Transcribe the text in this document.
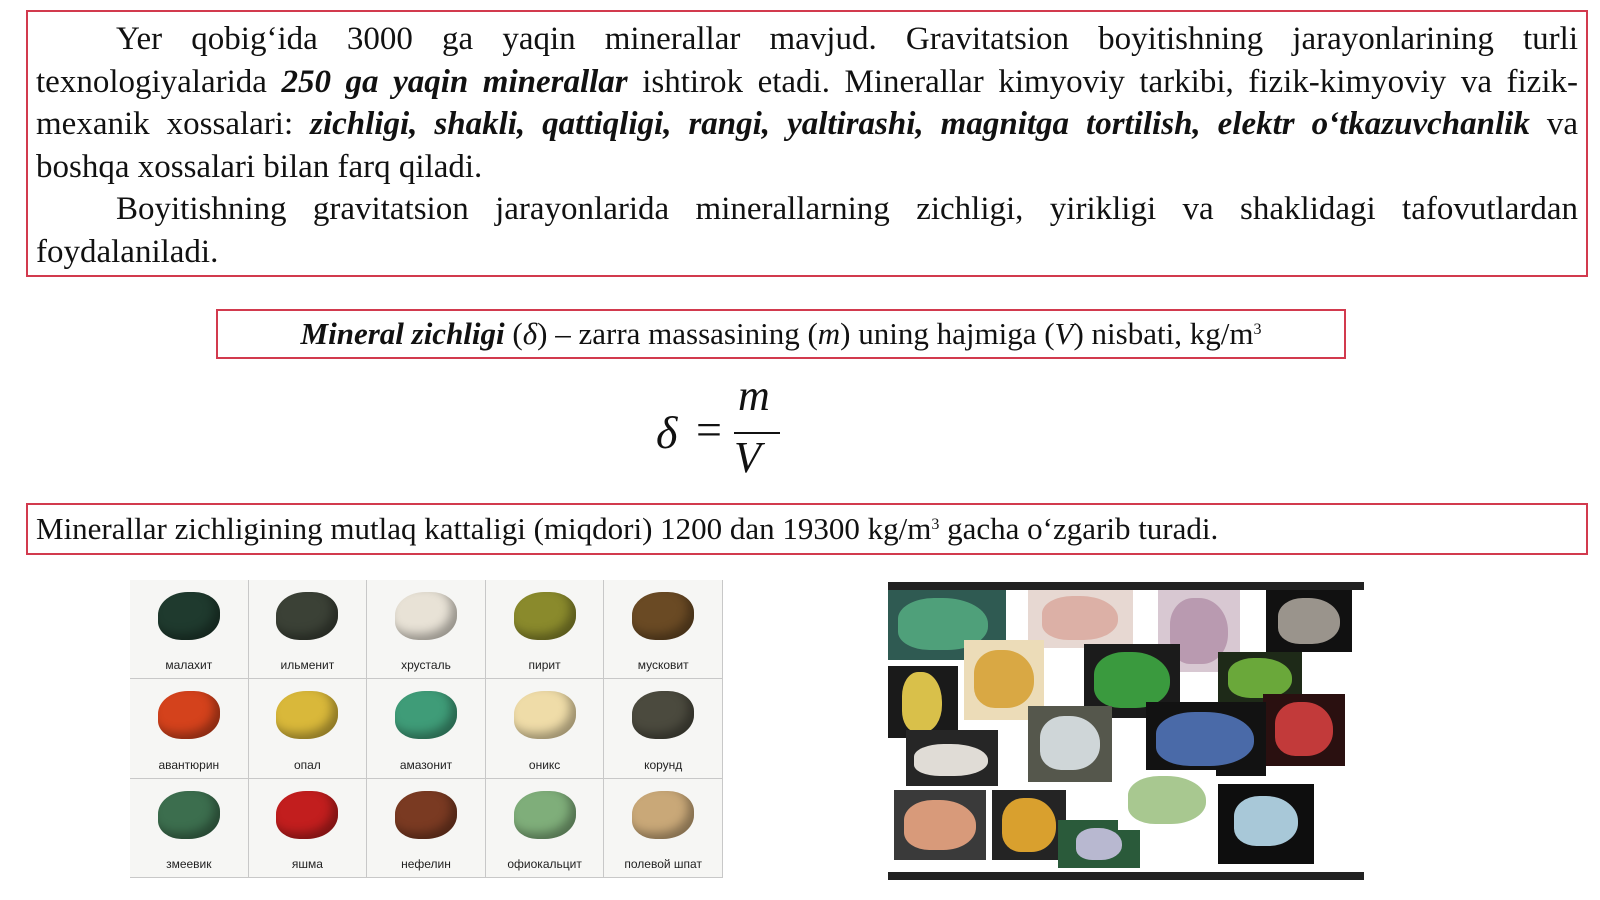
Yer qobig‘ida 3000 ga yaqin minerallar mavjud. Gravitatsion boyitishning jarayonlarining turli texnologiyalarida 250 ga yaqin minerallar ishtirok etadi. Minerallar kimyoviy tarkibi, fizik-kimyoviy va fizik-mexanik xossalari: zichligi, shakli, qattiqligi, rangi, yaltirashi, magnitga tortilish, elektr o‘tkazuvchanlik va boshqa xossalari bilan farq qiladi.

Boyitishning gravitatsion jarayonlarida minerallarning zichligi, yirikligi va shaklidagi tafovutlardan foydalaniladi.

Mineral zichligi (δ) – zarra massasining (m) uning hajmiga (V) nisbati, $kg/m^3$
δ =
m
V
Minerallar zichligining mutlaq kattaligi (miqdori) 1200 dan 19300 $kg/m^3$ gacha o‘zgarib turadi.
малахит	ильменит	хрусталь	пирит	мусковит
авантюрин	опал	амазонит	оникс	корунд
змеевик	яшма	нефелин	офиокальцит	полевой шпат
